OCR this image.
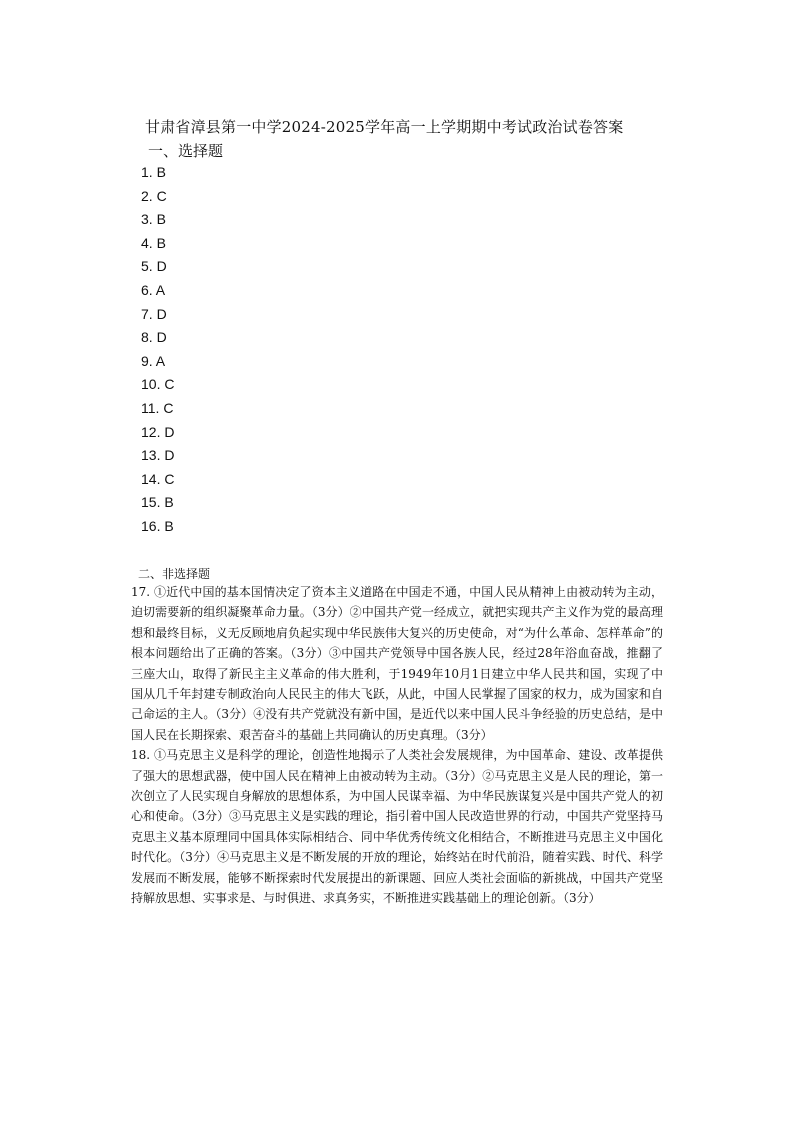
甘肃省漳县第一中学2024-2025学年高一上学期期中考试政治试卷答案
一、选择题
1. B
2. C
3. B
4. B
5. D
6. A
7. D
8. D
9. A
10. C
11. C
12. D
13. D
14. C
15. B
16. B
二、非选择题

17. ①近代中国的基本国情决定了资本主义道路在中国走不通，中国人民从精神上由被动转为主动，迫切需要新的组织凝聚革命力量。（3分）②中国共产党一经成立，就把实现共产主义作为党的最高理想和最终目标，义无反顾地肩负起实现中华民族伟大复兴的历史使命，对“为什么革命、怎样革命”的根本问题给出了正确的答案。（3分）③中国共产党领导中国各族人民，经过28年浴血奋战，推翻了三座大山，取得了新民主主义革命的伟大胜利，于1949年10月1日建立中华人民共和国，实现了中国从几千年封建专制政治向人民民主的伟大飞跃，从此，中国人民掌握了国家的权力，成为国家和自己命运的主人。（3分）④没有共产党就没有新中国，是近代以来中国人民斗争经验的历史总结，是中国人民在长期探索、艰苦奋斗的基础上共同确认的历史真理。（3分）

18. ①马克思主义是科学的理论，创造性地揭示了人类社会发展规律，为中国革命、建设、改革提供了强大的思想武器，使中国人民在精神上由被动转为主动。（3分）②马克思主义是人民的理论，第一次创立了人民实现自身解放的思想体系，为中国人民谋幸福、为中华民族谋复兴是中国共产党人的初心和使命。（3分）③马克思主义是实践的理论，指引着中国人民改造世界的行动，中国共产党坚持马克思主义基本原理同中国具体实际相结合、同中华优秀传统文化相结合，不断推进马克思主义中国化时代化。（3分）④马克思主义是不断发展的开放的理论，始终站在时代前沿，随着实践、时代、科学发展而不断发展，能够不断探索时代发展提出的新课题、回应人类社会面临的新挑战，中国共产党坚持解放思想、实事求是、与时俱进、求真务实，不断推进实践基础上的理论创新。（3分）
